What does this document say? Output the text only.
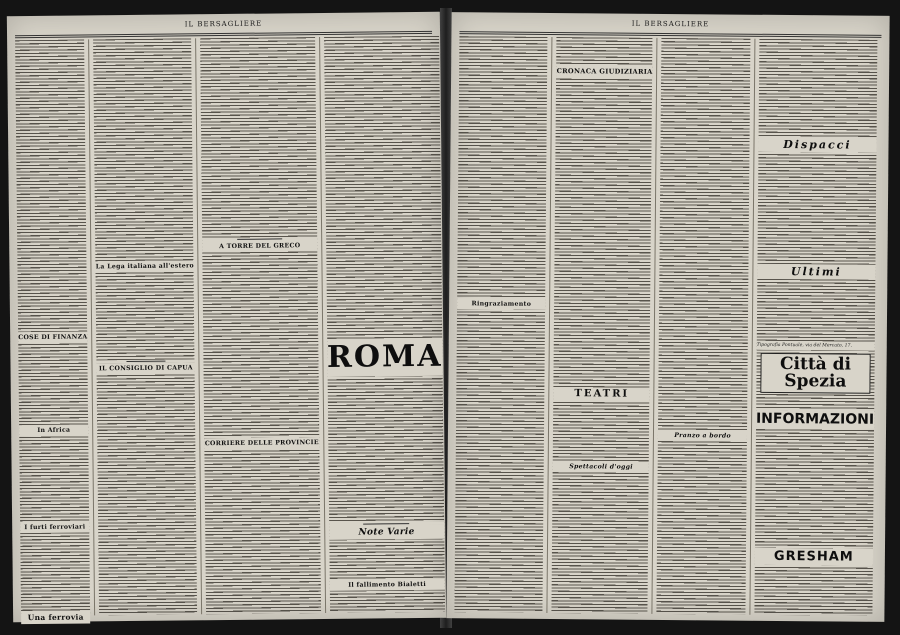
IL BERSAGLIERE
COSE DI FINANZA
In Africa
I furti ferroviari
Una ferrovia
La Lega italiana all'estero
IL CONSIGLIO DI CAPUA
A TORRE DEL GRECO
CORRIERE DELLE PROVINCIE
ROMA
Note Varie
Il fallimento Bialetti
IL BERSAGLIERE
Ringraziamento
CRONACA GIUDIZIARIA
TEATRI
Spettacoli d'oggi
Pranzo a bordo
Dispacci
Ultimi
Tipografia Pontuale, via del Mercato, 17.
Città di Spezia
INFORMAZIONI
GRESHAM
